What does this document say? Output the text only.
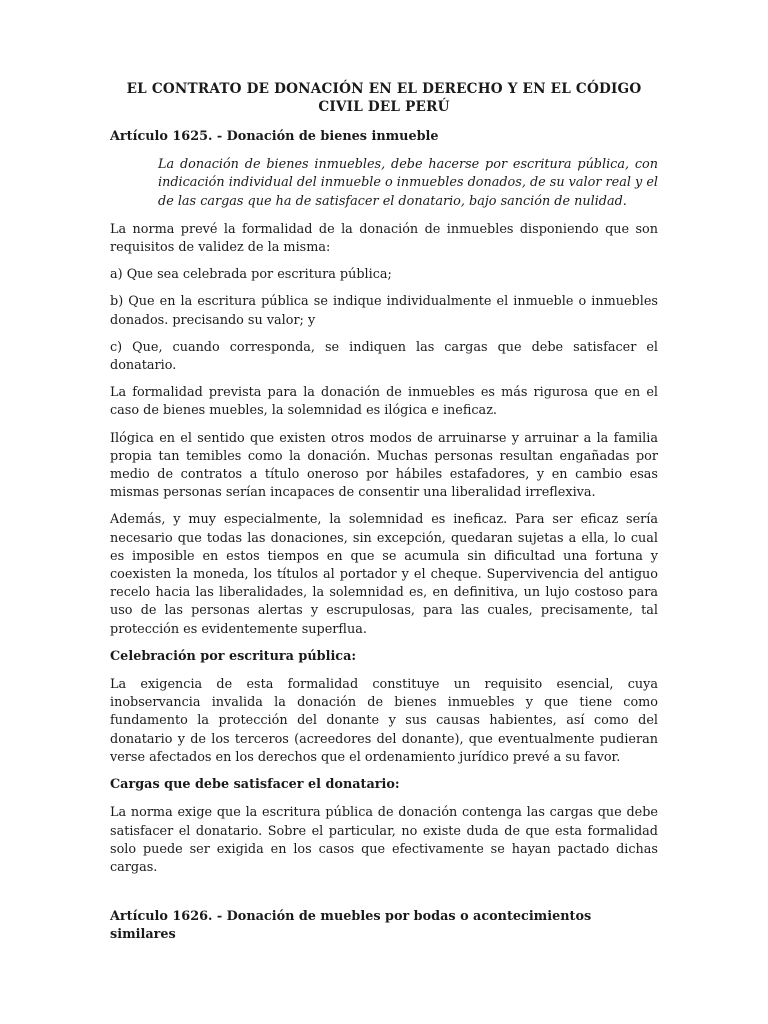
EL CONTRATO DE DONACIÓN EN EL DERECHO Y EN EL CÓDIGO CIVIL DEL PERÚ
Artículo 1625. - Donación de bienes inmueble
La donación de bienes inmuebles, debe hacerse por escritura pública, con indicación individual del inmueble o inmuebles donados, de su valor real y el de las cargas que ha de satisfacer el donatario, bajo sanción de nulidad.
La norma prevé la formalidad de la donación de inmuebles disponiendo que son requisitos de validez de la misma:
a) Que sea celebrada por escritura pública;
b) Que en la escritura pública se indique individualmente el inmueble o inmuebles donados. precisando su valor; y
c) Que, cuando corresponda, se indiquen las cargas que debe satisfacer el donatario.
La formalidad prevista para la donación de inmuebles es más rigurosa que en el caso de bienes muebles, la solemnidad es ilógica e ineficaz.
Ilógica en el sentido que existen otros modos de arruinarse y arruinar a la familia propia tan temibles como la donación. Muchas personas resultan engañadas por medio de contratos a título oneroso por hábiles estafadores, y en cambio esas mismas personas serían incapaces de consentir una liberalidad irreflexiva.
Además, y muy especialmente, la solemnidad es ineficaz. Para ser eficaz sería necesario que todas las donaciones, sin excepción, quedaran sujetas a ella, lo cual es imposible en estos tiempos en que se acumula sin dificultad una fortuna y coexisten la moneda, los títulos al portador y el cheque. Supervivencia del antiguo recelo hacia las liberalidades, la solemnidad es, en definitiva, un lujo costoso para uso de las personas alertas y escrupulosas, para las cuales, precisamente, tal protección es evidentemente superflua.
Celebración por escritura pública:
La exigencia de esta formalidad constituye un requisito esencial, cuya inobservancia invalida la donación de bienes inmuebles y que tiene como fundamento la protección del donante y sus causas habientes, así como del donatario y de los terceros (acreedores del donante), que eventualmente pudieran verse afectados en los derechos que el ordenamiento jurídico prevé a su favor.
Cargas que debe satisfacer el donatario:
La norma exige que la escritura pública de donación contenga las cargas que debe satisfacer el donatario. Sobre el particular, no existe duda de que esta formalidad solo puede ser exigida en los casos que efectivamente se hayan pactado dichas cargas.
Artículo 1626. - Donación de muebles por bodas o acontecimientos similares
